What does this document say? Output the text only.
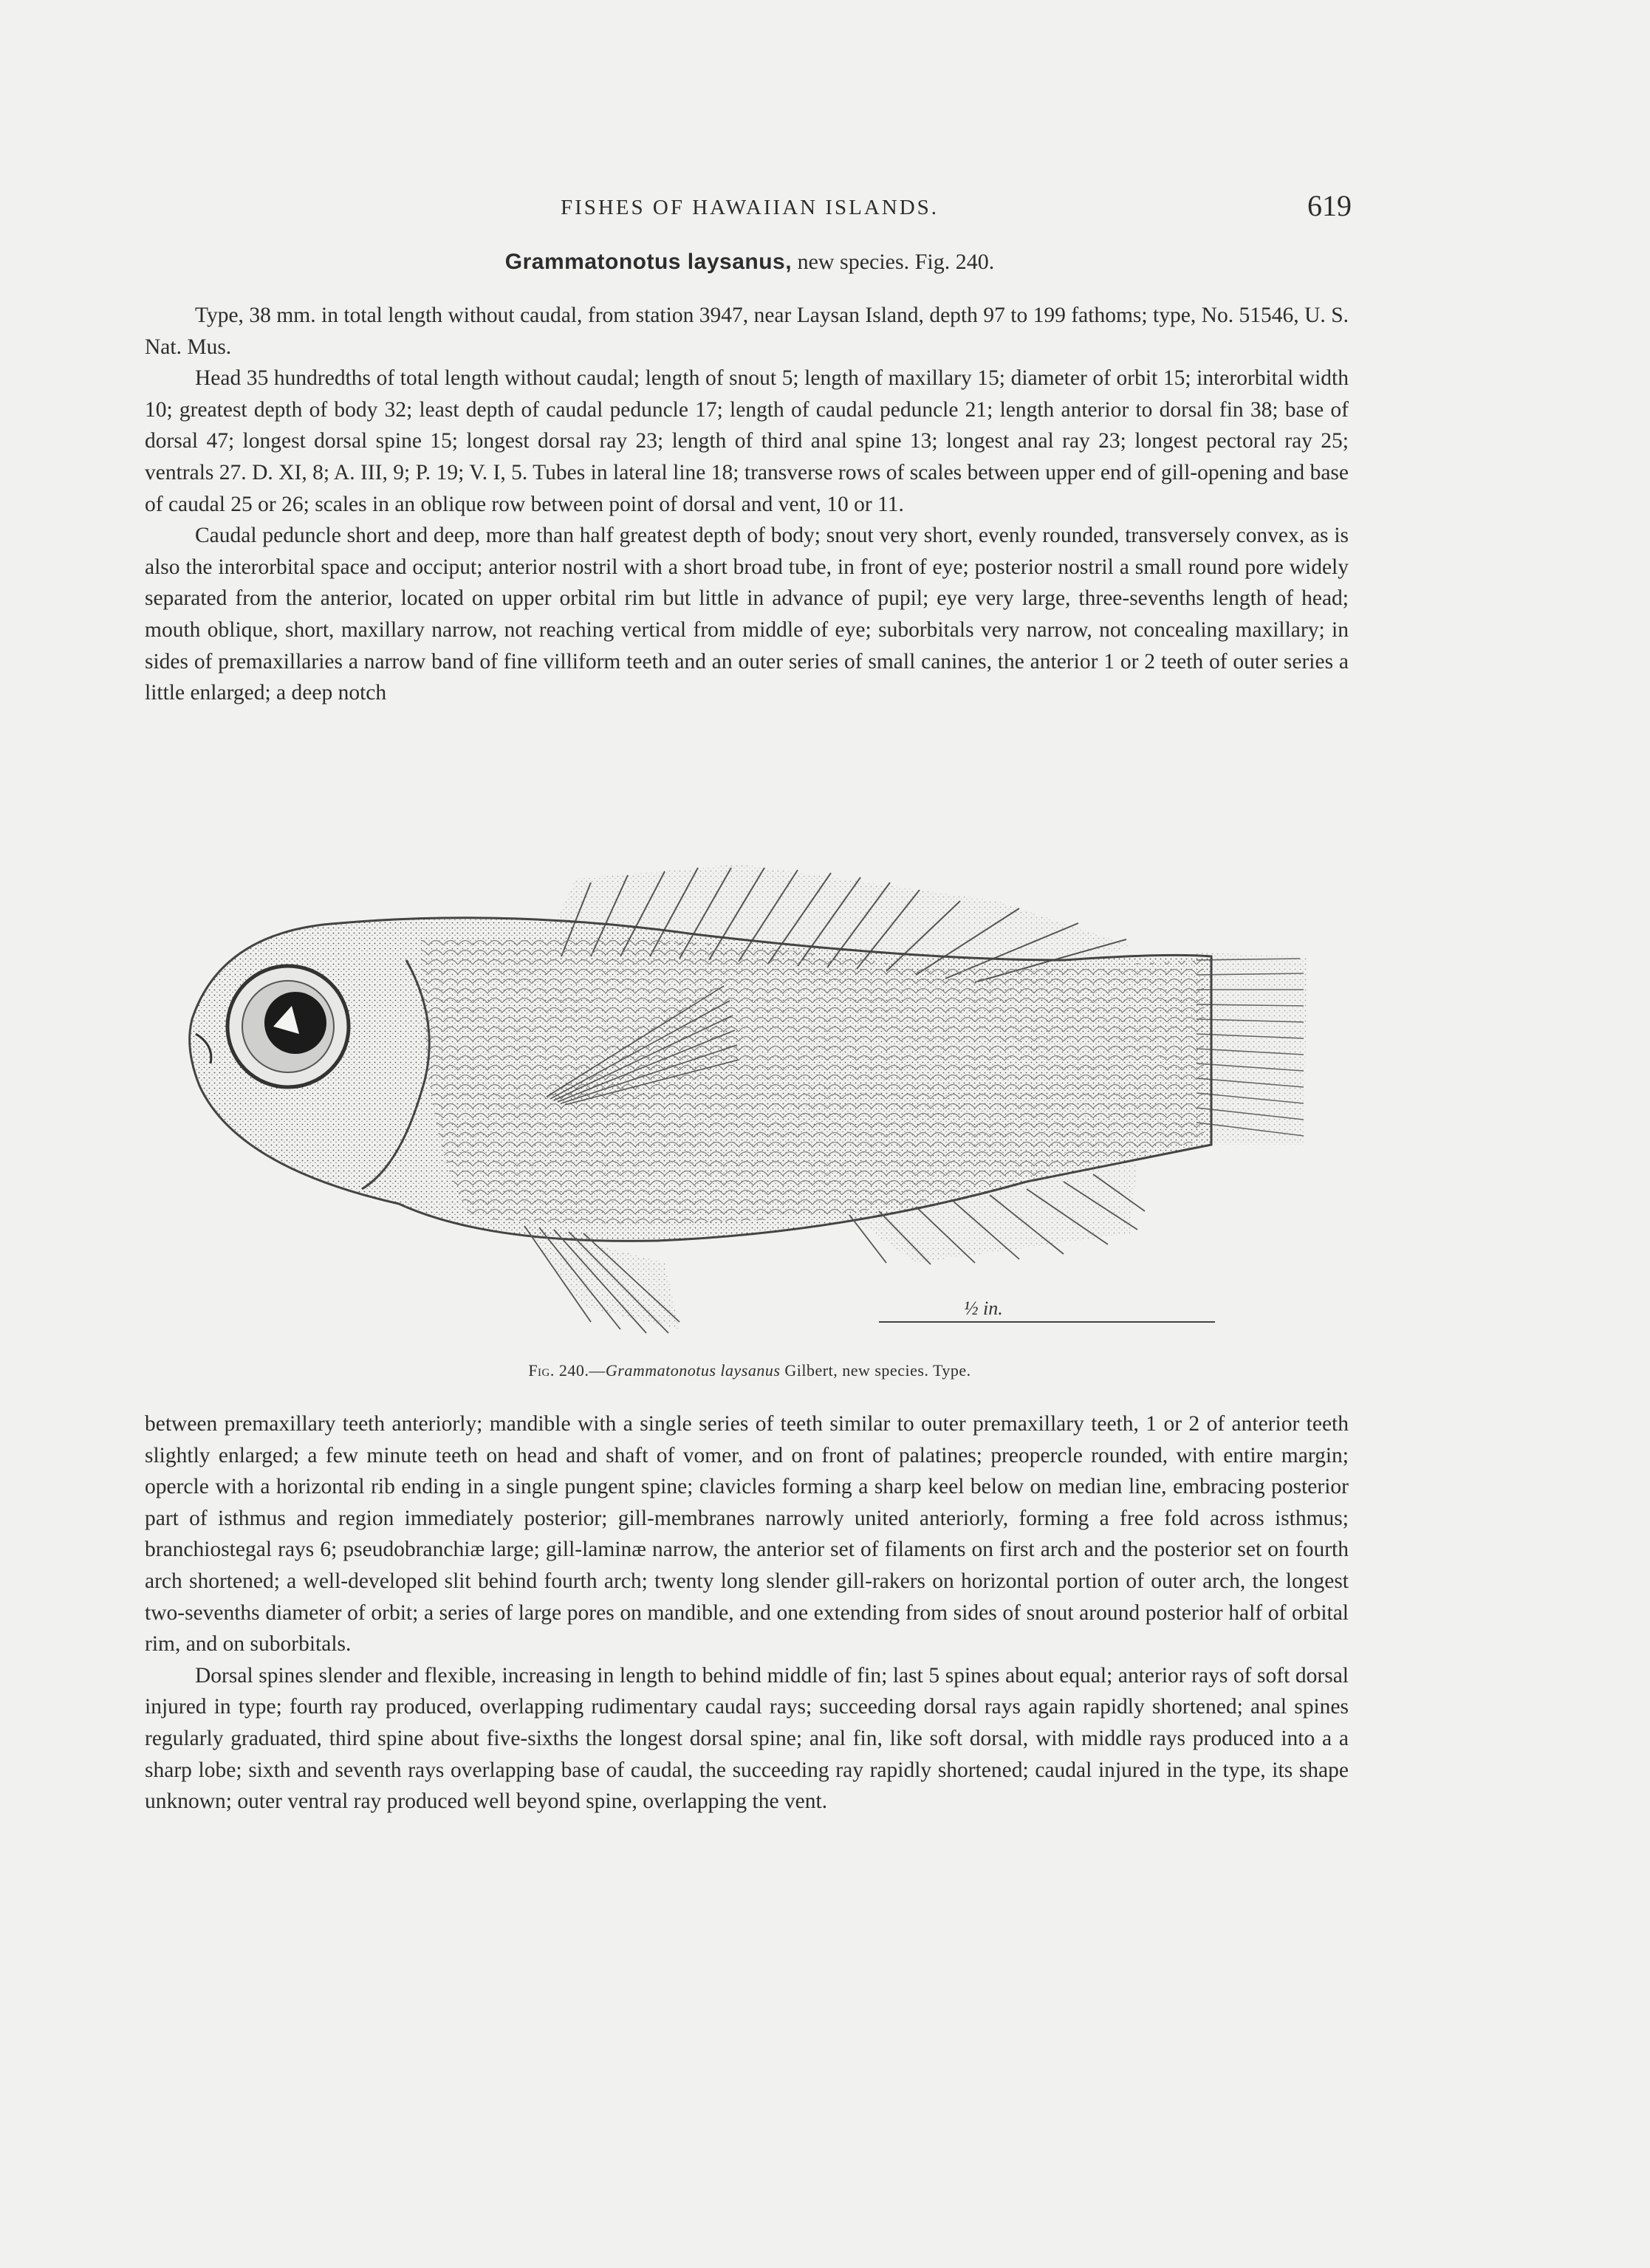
FISHES OF HAWAIIAN ISLANDS.	619
Grammatonotus laysanus, new species. Fig. 240.

Type, 38 mm. in total length without caudal, from station 3947, near Laysan Island, depth 97 to 199 fathoms; type, No. 51546, U. S. Nat. Mus.

Head 35 hundredths of total length without caudal; length of snout 5; length of maxillary 15; diameter of orbit 15; interorbital width 10; greatest depth of body 32; least depth of caudal peduncle 17; length of caudal peduncle 21; length anterior to dorsal fin 38; base of dorsal 47; longest dorsal spine 15; longest dorsal ray 23; length of third anal spine 13; longest anal ray 23; longest pectoral ray 25; ventrals 27. D. XI, 8; A. III, 9; P. 19; V. I, 5. Tubes in lateral line 18; transverse rows of scales between upper end of gill-opening and base of caudal 25 or 26; scales in an oblique row between point of dorsal and vent, 10 or 11.

Caudal peduncle short and deep, more than half greatest depth of body; snout very short, evenly rounded, transversely convex, as is also the interorbital space and occiput; anterior nostril with a short broad tube, in front of eye; posterior nostril a small round pore widely separated from the anterior, located on upper orbital rim but little in advance of pupil; eye very large, three-sevenths length of head; mouth oblique, short, maxillary narrow, not reaching vertical from middle of eye; suborbitals very narrow, not concealing maxillary; in sides of premaxillaries a narrow band of fine villiform teeth and an outer series of small canines, the anterior 1 or 2 teeth of outer series a little enlarged; a deep notch

½ in.
Fig. 240.—Grammatonotus laysanus Gilbert, new species. Type.

between premaxillary teeth anteriorly; mandible with a single series of teeth similar to outer premaxillary teeth, 1 or 2 of anterior teeth slightly enlarged; a few minute teeth on head and shaft of vomer, and on front of palatines; preopercle rounded, with entire margin; opercle with a horizontal rib ending in a single pungent spine; clavicles forming a sharp keel below on median line, embracing posterior part of isthmus and region immediately posterior; gill-membranes narrowly united anteriorly, forming a free fold across isthmus; branchiostegal rays 6; pseudobranchiæ large; gill-laminæ narrow, the anterior set of filaments on first arch and the posterior set on fourth arch shortened; a well-developed slit behind fourth arch; twenty long slender gill-rakers on horizontal portion of outer arch, the longest two-sevenths diameter of orbit; a series of large pores on mandible, and one extending from sides of snout around posterior half of orbital rim, and on suborbitals.

Dorsal spines slender and flexible, increasing in length to behind middle of fin; last 5 spines about equal; anterior rays of soft dorsal injured in type; fourth ray produced, overlapping rudimentary caudal rays; succeeding dorsal rays again rapidly shortened; anal spines regularly graduated, third spine about five-sixths the longest dorsal spine; anal fin, like soft dorsal, with middle rays produced into a a sharp lobe; sixth and seventh rays overlapping base of caudal, the succeeding ray rapidly shortened; caudal injured in the type, its shape unknown; outer ventral ray produced well beyond spine, overlapping the vent.
